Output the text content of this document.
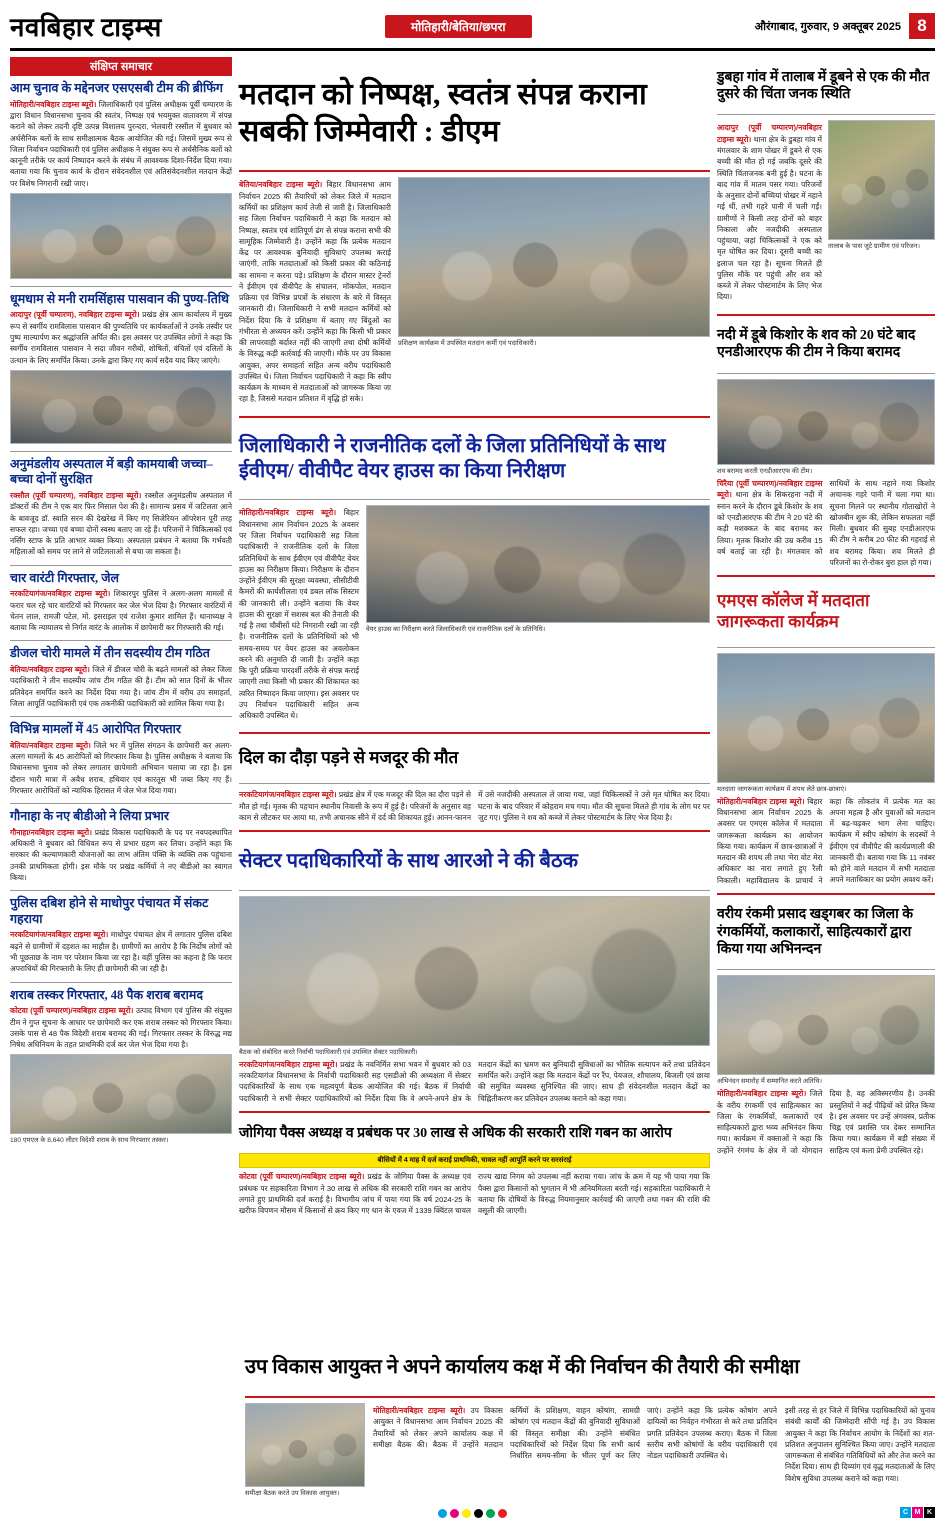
नवबिहार टाइम्स	मोतिहारी/बेतिया/छपरा	औरंगाबाद, गुरुवार, 9 अक्तूबर 2025 8
संक्षिप्त समाचार
आम चुनाव के मद्देनजर एसएसबी टीम की ब्रीफिंग

मोतिहारी/नवबिहार टाइम्स ब्यूरो। जिलाधिकारी एवं पुलिस अधीक्षक पूर्वी चम्पारण के द्वारा विधान विधानसभा चुनाव की स्वतंत्र, निष्पक्ष एवं भयमुक्त वातावरण में संपन्न कराने को लेकर तदनी दृष्टि उत्पन्न विशालय पुरन्दरा, भेलवारी रस्सील में बुधवार को अर्धसैनिक बलों के साथ समीक्षात्मक बैठक आयोजित की गई। जिसमें मुख्य रूप से जिला निर्वाचन पदाधिकारी एवं पुलिस अधीक्षक ने संयुक्त रूप से अर्धसैनिक बलों को कानूनी तरीके पर कार्य निष्पादन करने के संबंध में आवश्यक दिशा-निर्देश दिया गया। बताया गया कि चुनाव कार्य के दौरान संवेदनशील एवं अतिसंवेदनशील मतदान केंद्रों पर विशेष निगरानी रखी जाए।

धूमधाम से मनी रामसिंहास पासवान की पुण्य-तिथि

आदापुर (पूर्वी चम्पारण), नवबिहार टाइम्स ब्यूरो। प्रखंड क्षेत्र आम कार्यालय में मुख्य रूप से स्वर्गीय रामविलास पासवान की पुण्यतिथि पर कार्यकर्ताओं ने उनके तस्वीर पर पुष्प माल्यार्पण कर श्रद्धांजलि अर्पित की। इस अवसर पर उपस्थित लोगों ने कहा कि स्वर्गीय रामविलास पासवान ने सदा जीवन गरीबों, शोषितों, वंचितों एवं दलितों के उत्थान के लिए समर्पित किया। उनके द्वारा किए गए कार्य सदैव याद किए जाएंगे।

अनुमंडलीय अस्पताल में बड़ी कामयाबी जच्चा–बच्चा दोनों सुरक्षित

रक्सौल (पूर्वी चम्पारण), नवबिहार टाइम्स ब्यूरो। रक्सौल अनुमंडलीय अस्पताल में डॉक्टरों की टीम ने एक बार फिर मिसाल पेश की है। सामान्य प्रसव में जटिलता आने के बावजूद डॉ. स्वाति सरन की देखरेख में किए गए सिजेरियन ऑपरेशन पूरी तरह सफल रहा। जच्चा एवं बच्चा दोनों स्वस्थ बताए जा रहे हैं। परिजनों ने चिकित्सकों एवं नर्सिंग स्टाफ के प्रति आभार व्यक्त किया। अस्पताल प्रबंधन ने बताया कि गर्भवती महिलाओं को समय पर लाने से जटिलताओं से बचा जा सकता है।

चार वारंटी गिरफ्तार, जेल

नरकटियागंज/नवबिहार टाइम्स ब्यूरो। शिकारपुर पुलिस ने अलग-अलग मामलों में फरार चल रहे चार वारंटियों को गिरफ्तार कर जेल भेज दिया है। गिरफ्तार वारंटियों में चेतन लाल, रामजी पटेल, मो. इसराइल एवं राजेश कुमार शामिल हैं। थानाध्यक्ष ने बताया कि न्यायालय से निर्गत वारंट के आलोक में छापेमारी कर गिरफ्तारी की गई।

डीजल चोरी मामले में तीन सदस्यीय टीम गठित

बेतिया/नवबिहार टाइम्स ब्यूरो। जिले में डीजल चोरी के बढ़ते मामलों को लेकर जिला पदाधिकारी ने तीन सदस्यीय जांच टीम गठित की है। टीम को सात दिनों के भीतर प्रतिवेदन समर्पित करने का निर्देश दिया गया है। जांच टीम में वरीय उप समाहर्ता, जिला आपूर्ति पदाधिकारी एवं एक तकनीकी पदाधिकारी को शामिल किया गया है।

विभिन्न मामलों में 45 आरोपित गिरफ्तार

बेतिया/नवबिहार टाइम्स ब्यूरो। जिले भर में पुलिस संगठन के छापेमारी कर अलग-अलग मामलों के 45 आरोपितों को गिरफ्तार किया है। पुलिस अधीक्षक ने बताया कि विधानसभा चुनाव को लेकर लगातार छापेमारी अभियान चलाया जा रहा है। इस दौरान भारी मात्रा में अवैध शराब, हथियार एवं कारतूस भी जब्त किए गए हैं। गिरफ्तार आरोपितों को न्यायिक हिरासत में जेल भेज दिया गया।

गौनाहा के नए बीडीओ ने लिया प्रभार

गौनाहा/नवबिहार टाइम्स ब्यूरो। प्रखंड विकास पदाधिकारी के पद पर नवपदस्थापित अधिकारी ने बुधवार को विधिवत रूप से प्रभार ग्रहण कर लिया। उन्होंने कहा कि सरकार की कल्याणकारी योजनाओं का लाभ अंतिम पंक्ति के व्यक्ति तक पहुंचाना उनकी प्राथमिकता होगी। इस मौके पर प्रखंड कर्मियों ने नए बीडीओ का स्वागत किया।

पुलिस दबिश होने से माधोपुर पंचायत में संकट गहराया

नरकटियागंज/नवबिहार टाइम्स ब्यूरो। माधोपुर पंचायत क्षेत्र में लगातार पुलिस दबिश बढ़ने से ग्रामीणों में दहशत का माहौल है। ग्रामीणों का आरोप है कि निर्दोष लोगों को भी पूछताछ के नाम पर परेशान किया जा रहा है। वहीं पुलिस का कहना है कि फरार अपराधियों की गिरफ्तारी के लिए ही छापेमारी की जा रही है।

शराब तस्कर गिरफ्तार, 48 पैक शराब बरामद

कोटवा (पूर्वी चम्पारण)/नवबिहार टाइम्स ब्यूरो। उत्पाद विभाग एवं पुलिस की संयुक्त टीम ने गुप्त सूचना के आधार पर छापेमारी कर एक शराब तस्कर को गिरफ्तार किया। उसके पास से 48 पैक विदेशी शराब बरामद की गई। गिरफ्तार तस्कर के विरुद्ध मद्य निषेध अधिनियम के तहत प्राथमिकी दर्ज कर जेल भेज दिया गया है।

180 एमएल के 8,640 लीटर विदेशी शराब के साथ गिरफ्तार तस्कर।
मतदान को निष्पक्ष, स्वतंत्र संपन्न कराना सबकी जिम्मेवारी : डीएम

बेतिया/नवबिहार टाइम्स ब्यूरो। बिहार विधानसभा आम निर्वाचन 2025 की तैयारियों को लेकर जिले में मतदान कर्मियों का प्रशिक्षण कार्य तेजी से जारी है। जिलाधिकारी सह जिला निर्वाचन पदाधिकारी ने कहा कि मतदान को निष्पक्ष, स्वतंत्र एवं शांतिपूर्ण ढंग से संपन्न कराना सभी की सामूहिक जिम्मेवारी है। उन्होंने कहा कि प्रत्येक मतदान केंद्र पर आवश्यक बुनियादी सुविधाएं उपलब्ध कराई जाएंगी, ताकि मतदाताओं को किसी प्रकार की कठिनाई का सामना न करना पड़े। प्रशिक्षण के दौरान मास्टर ट्रेनरों ने ईवीएम एवं वीवीपैट के संचालन, मॉकपोल, मतदान प्रक्रिया एवं विभिन्न प्रपत्रों के संधारण के बारे में विस्तृत जानकारी दी। जिलाधिकारी ने सभी मतदान कर्मियों को निर्देश दिया कि वे प्रशिक्षण में बताए गए बिंदुओं का गंभीरता से अध्ययन करें। उन्होंने कहा कि किसी भी प्रकार की लापरवाही बर्दाश्त नहीं की जाएगी तथा दोषी कर्मियों के विरुद्ध कड़ी कार्रवाई की जाएगी। मौके पर उप विकास आयुक्त, अपर समाहर्ता सहित अन्य वरीय पदाधिकारी उपस्थित थे। जिला निर्वाचन पदाधिकारी ने कहा कि स्वीप कार्यक्रम के माध्यम से मतदाताओं को जागरूक किया जा रहा है, जिससे मतदान प्रतिशत में वृद्धि हो सके।

प्रशिक्षण कार्यक्रम में उपस्थित मतदान कर्मी एवं पदाधिकारी।
जिलाधिकारी ने राजनीतिक दलों के जिला प्रतिनिधियों के साथ ईवीएम/ वीवीपैट वेयर हाउस का किया निरीक्षण

मोतिहारी/नवबिहार टाइम्स ब्यूरो। बिहार विधानसभा आम निर्वाचन 2025 के अवसर पर जिला निर्वाचन पदाधिकारी सह जिला पदाधिकारी ने राजनीतिक दलों के जिला प्रतिनिधियों के साथ ईवीएम एवं वीवीपैट वेयर हाउस का निरीक्षण किया। निरीक्षण के दौरान उन्होंने ईवीएम की सुरक्षा व्यवस्था, सीसीटीवी कैमरों की कार्यशीलता एवं डबल लॉक सिस्टम की जानकारी ली। उन्होंने बताया कि वेयर हाउस की सुरक्षा में सशस्त्र बल की तैनाती की गई है तथा चौबीसों घंटे निगरानी रखी जा रही है। राजनीतिक दलों के प्रतिनिधियों को भी समय-समय पर वेयर हाउस का अवलोकन करने की अनुमति दी जाती है। उन्होंने कहा कि पूरी प्रक्रिया पारदर्शी तरीके से संपन्न कराई जाएगी तथा किसी भी प्रकार की शिकायत का त्वरित निष्पादन किया जाएगा। इस अवसर पर उप निर्वाचन पदाधिकारी सहित अन्य अधिकारी उपस्थित थे।

वेयर हाउस का निरीक्षण करते जिलाधिकारी एवं राजनीतिक दलों के प्रतिनिधि।
दिल का दौड़ा पड़ने से मजदूर की मौत

नरकटियागंज/नवबिहार टाइम्स ब्यूरो। प्रखंड क्षेत्र में एक मजदूर की दिल का दौरा पड़ने से मौत हो गई। मृतक की पहचान स्थानीय निवासी के रूप में हुई है। परिजनों के अनुसार वह काम से लौटकर घर आया था, तभी अचानक सीने में दर्द की शिकायत हुई। आनन-फानन में उसे नजदीकी अस्पताल ले जाया गया, जहां चिकित्सकों ने उसे मृत घोषित कर दिया। घटना के बाद परिवार में कोहराम मच गया। मौत की सूचना मिलते ही गांव के लोग घर पर जुट गए। पुलिस ने शव को कब्जे में लेकर पोस्टमार्टम के लिए भेज दिया है।

सेक्टर पदाधिकारियों के साथ आरओ ने की बैठक
बैठक को संबोधित करते निर्वाची पदाधिकारी एवं उपस्थित सेक्टर पदाधिकारी।

नरकटियागंज/नवबिहार टाइम्स ब्यूरो। प्रखंड के नवनिर्मित सभा भवन में बुधवार को 03 नरकटियागंज विधानसभा के निर्वाची पदाधिकारी सह एसडीओ की अध्यक्षता में सेक्टर पदाधिकारियों के साथ एक महत्वपूर्ण बैठक आयोजित की गई। बैठक में निर्वाची पदाधिकारी ने सभी सेक्टर पदाधिकारियों को निर्देश दिया कि वे अपने-अपने क्षेत्र के मतदान केंद्रों का भ्रमण कर बुनियादी सुविधाओं का भौतिक सत्यापन करें तथा प्रतिवेदन समर्पित करें। उन्होंने कहा कि मतदान केंद्रों पर रैंप, पेयजल, शौचालय, बिजली एवं छाया की समुचित व्यवस्था सुनिश्चित की जाए। साथ ही संवेदनशील मतदान केंद्रों का चिह्नितीकरण कर प्रतिवेदन उपलब्ध कराने को कहा गया।

जोगिया पैक्स अध्यक्ष व प्रबंधक पर 30 लाख से अधिक की सरकारी राशि गबन का आरोप
बीसियों में 4 माह में दर्ज कराई प्राथमिकी, चावल नहीं आपूर्ति करने पर सरसंराई

कोटवा (पूर्वी चम्पारण)/नवबिहार टाइम्स ब्यूरो। प्रखंड के जोगिया पैक्स के अध्यक्ष एवं प्रबंधक पर सहकारिता विभाग ने 30 लाख से अधिक की सरकारी राशि गबन का आरोप लगाते हुए प्राथमिकी दर्ज कराई है। विभागीय जांच में पाया गया कि वर्ष 2024-25 के खरीफ विपणन मौसम में किसानों से क्रय किए गए धान के एवज में 1339 क्विंटल चावल राज्य खाद्य निगम को उपलब्ध नहीं कराया गया। जांच के क्रम में यह भी पाया गया कि पैक्स द्वारा किसानों को भुगतान में भी अनियमितता बरती गई। सहकारिता पदाधिकारी ने बताया कि दोषियों के विरुद्ध नियमानुसार कार्रवाई की जाएगी तथा गबन की राशि की वसूली की जाएगी।

डुबहा गांव में तालाब में डूबने से एक की मौत दुसरे की चिंता जनक स्थिति

आदापुर (पूर्वी चम्पारण)/नवबिहार टाइम्स ब्यूरो। थाना क्षेत्र के डुबहा गांव में मंगलवार के शाम पोखर में डूबने से एक बच्ची की मौत हो गई जबकि दूसरे की स्थिति चिंताजनक बनी हुई है। घटना के बाद गांव में मातम पसर गया। परिजनों के अनुसार दोनों बच्चियां पोखर में नहाने गई थीं, तभी गहरे पानी में चली गईं। ग्रामीणों ने किसी तरह दोनों को बाहर निकाला और नजदीकी अस्पताल पहुंचाया, जहां चिकित्सकों ने एक को मृत घोषित कर दिया। दूसरी बच्ची का इलाज चल रहा है। सूचना मिलते ही पुलिस मौके पर पहुंची और शव को कब्जे में लेकर पोस्टमार्टम के लिए भेज दिया।

तालाब के पास जुटे ग्रामीण एवं परिजन।
नदी में डूबे किशोर के शव को 20 घंटे बाद एनडीआरएफ की टीम ने किया बरामद
शव बरामद करती एनडीआरएफ की टीम।

चिरैया (पूर्वी चम्पारण)/नवबिहार टाइम्स ब्यूरो। थाना क्षेत्र के सिकरहना नदी में स्नान करने के दौरान डूबे किशोर के शव को एनडीआरएफ की टीम ने 20 घंटे की कड़ी मशक्कत के बाद बरामद कर लिया। मृतक किशोर की उम्र करीब 15 वर्ष बताई जा रही है। मंगलवार को साथियों के साथ नहाने गया किशोर अचानक गहरे पानी में चला गया था। सूचना मिलने पर स्थानीय गोताखोरों ने खोजबीन शुरू की, लेकिन सफलता नहीं मिली। बुधवार की सुबह एनडीआरएफ की टीम ने करीब 20 फीट की गहराई से शव बरामद किया। शव मिलते ही परिजनों का रो-रोकर बुरा हाल हो गया।

एमएस कॉलेज में मतदाता जागरूकता कार्यक्रम
मतदाता जागरूकता कार्यक्रम में शपथ लेते छात्र-छात्राएं।

मोतिहारी/नवबिहार टाइम्स ब्यूरो। बिहार विधानसभा आम निर्वाचन 2025 के अवसर पर एमएस कॉलेज में मतदाता जागरूकता कार्यक्रम का आयोजन किया गया। कार्यक्रम में छात्र-छात्राओं ने मतदान की शपथ ली तथा 'मेरा वोट मेरा अधिकार' का नारा लगाते हुए रैली निकाली। महाविद्यालय के प्राचार्य ने कहा कि लोकतंत्र में प्रत्येक मत का अपना महत्व है और युवाओं को मतदान में बढ़-चढ़कर भाग लेना चाहिए। कार्यक्रम में स्वीप कोषांग के सदस्यों ने ईवीएम एवं वीवीपैट की कार्यप्रणाली की जानकारी दी। बताया गया कि 11 नवंबर को होने वाले मतदान में सभी मतदाता अपने मताधिकार का प्रयोग अवश्य करें।

वरीय रंकमी प्रसाद खड्गबर का जिला के रंगकर्मियों, कलाकारों, साहित्यकारों द्वारा किया गया अभिनन्दन
अभिनंदन समारोह में सम्मानित करते अतिथि।

मोतिहारी/नवबिहार टाइम्स ब्यूरो। जिले के वरीय रंगकर्मी एवं साहित्यकार का जिला के रंगकर्मियों, कलाकारों एवं साहित्यकारों द्वारा भव्य अभिनंदन किया गया। कार्यक्रम में वक्ताओं ने कहा कि उन्होंने रंगमंच के क्षेत्र में जो योगदान दिया है, वह अविस्मरणीय है। उनकी प्रस्तुतियों ने कई पीढ़ियों को प्रेरित किया है। इस अवसर पर उन्हें अंगवस्त्र, प्रतीक चिह्न एवं प्रशस्ति पत्र देकर सम्मानित किया गया। कार्यक्रम में बड़ी संख्या में साहित्य एवं कला प्रेमी उपस्थित रहे।

उप विकास आयुक्त ने अपने कार्यालय कक्ष में की निर्वाचन की तैयारी की समीक्षा
समीक्षा बैठक करते उप विकास आयुक्त।

मोतिहारी/नवबिहार टाइम्स ब्यूरो। उप विकास आयुक्त ने विधानसभा आम निर्वाचन 2025 की तैयारियों को लेकर अपने कार्यालय कक्ष में समीक्षा बैठक की। बैठक में उन्होंने मतदान कर्मियों के प्रशिक्षण, वाहन कोषांग, सामग्री कोषांग एवं मतदान केंद्रों की बुनियादी सुविधाओं की विस्तृत समीक्षा की। उन्होंने संबंधित पदाधिकारियों को निर्देश दिया कि सभी कार्य निर्धारित समय-सीमा के भीतर पूर्ण कर लिए जाएं। उन्होंने कहा कि प्रत्येक कोषांग अपने दायित्वों का निर्वहन गंभीरता से करे तथा प्रतिदिन प्रगति प्रतिवेदन उपलब्ध कराए। बैठक में जिला स्तरीय सभी कोषांगों के वरीय पदाधिकारी एवं नोडल पदाधिकारी उपस्थित थे।

इसी तरह से हर जिले में विभिन्न पदाधिकारियों को चुनाव संबंधी कार्यों की जिम्मेदारी सौंपी गई है। उप विकास आयुक्त ने कहा कि निर्वाचन आयोग के निर्देशों का शत-प्रतिशत अनुपालन सुनिश्चित किया जाए। उन्होंने मतदाता जागरूकता से संबंधित गतिविधियों को और तेज करने का निर्देश दिया। साथ ही दिव्यांग एवं वृद्ध मतदाताओं के लिए विशेष सुविधा उपलब्ध कराने को कहा गया।

C M K
